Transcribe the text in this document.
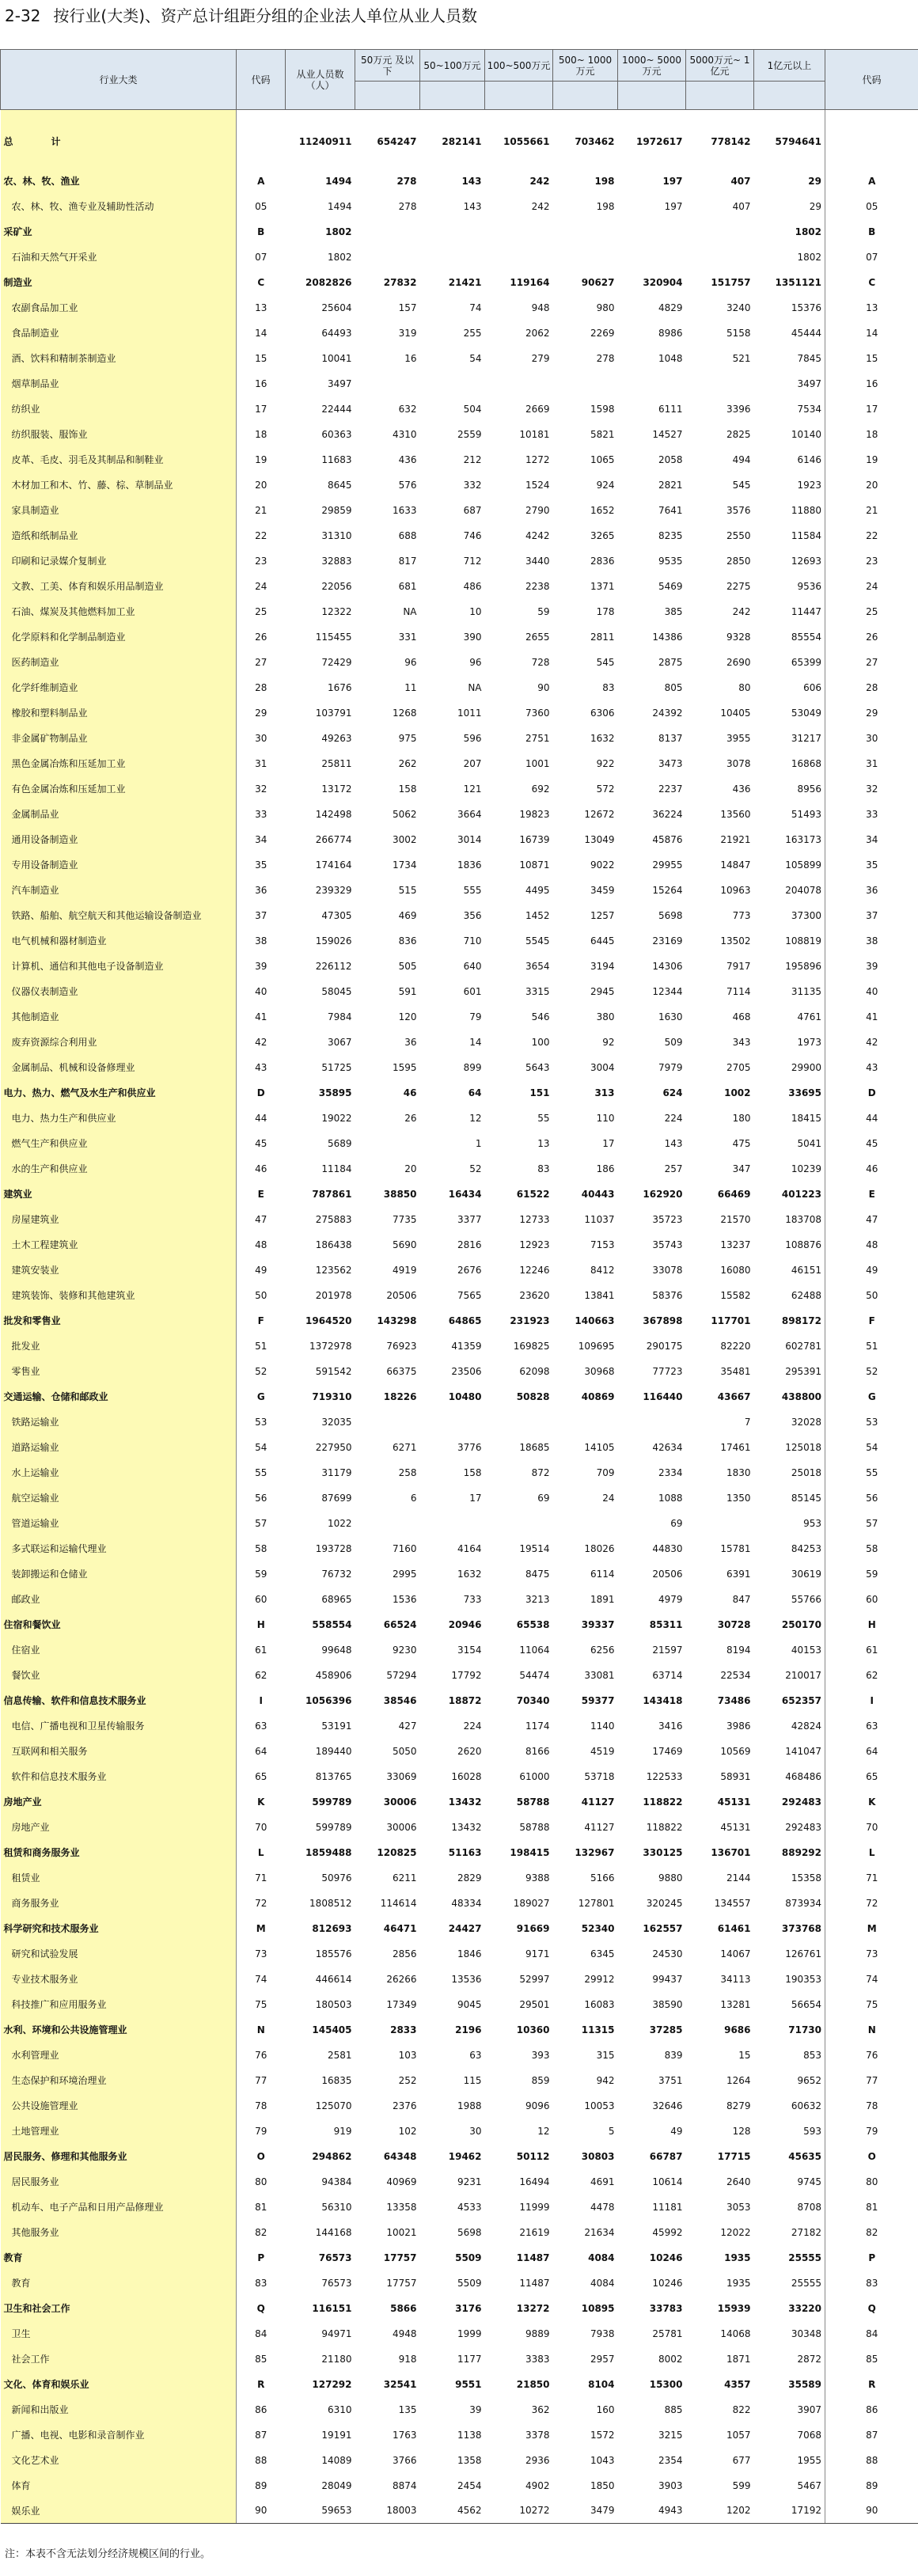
2-32 按行业(大类)、资产总计组距分组的企业法人单位从业人员数
行业大类	代码	从业人员数（人）	50万元 及以下	50~100万元	100~500万元	500~ 1000万元	1000~ 5000万元	5000万元~ 1亿元	1亿元以上	代码

总　计		11240911	654247	282141	1055661	703462	1972617	778142	5794641	
农、林、牧、渔业	A	1494	278	143	242	198	197	407	29	A
农、林、牧、渔专业及辅助性活动	05	1494	278	143	242	198	197	407	29	05
采矿业	B	1802							1802	B
石油和天然气开采业	07	1802							1802	07
制造业	C	2082826	27832	21421	119164	90627	320904	151757	1351121	C
农副食品加工业	13	25604	157	74	948	980	4829	3240	15376	13
食品制造业	14	64493	319	255	2062	2269	8986	5158	45444	14
酒、饮料和精制茶制造业	15	10041	16	54	279	278	1048	521	7845	15
烟草制品业	16	3497							3497	16
纺织业	17	22444	632	504	2669	1598	6111	3396	7534	17
纺织服装、服饰业	18	60363	4310	2559	10181	5821	14527	2825	10140	18
皮革、毛皮、羽毛及其制品和制鞋业	19	11683	436	212	1272	1065	2058	494	6146	19
木材加工和木、竹、藤、棕、草制品业	20	8645	576	332	1524	924	2821	545	1923	20
家具制造业	21	29859	1633	687	2790	1652	7641	3576	11880	21
造纸和纸制品业	22	31310	688	746	4242	3265	8235	2550	11584	22
印刷和记录媒介复制业	23	32883	817	712	3440	2836	9535	2850	12693	23
文教、工美、体育和娱乐用品制造业	24	22056	681	486	2238	1371	5469	2275	9536	24
石油、煤炭及其他燃料加工业	25	12322	NA	10	59	178	385	242	11447	25
化学原料和化学制品制造业	26	115455	331	390	2655	2811	14386	9328	85554	26
医药制造业	27	72429	96	96	728	545	2875	2690	65399	27
化学纤维制造业	28	1676	11	NA	90	83	805	80	606	28
橡胶和塑料制品业	29	103791	1268	1011	7360	6306	24392	10405	53049	29
非金属矿物制品业	30	49263	975	596	2751	1632	8137	3955	31217	30
黑色金属冶炼和压延加工业	31	25811	262	207	1001	922	3473	3078	16868	31
有色金属冶炼和压延加工业	32	13172	158	121	692	572	2237	436	8956	32
金属制品业	33	142498	5062	3664	19823	12672	36224	13560	51493	33
通用设备制造业	34	266774	3002	3014	16739	13049	45876	21921	163173	34
专用设备制造业	35	174164	1734	1836	10871	9022	29955	14847	105899	35
汽车制造业	36	239329	515	555	4495	3459	15264	10963	204078	36
铁路、船舶、航空航天和其他运输设备制造业	37	47305	469	356	1452	1257	5698	773	37300	37
电气机械和器材制造业	38	159026	836	710	5545	6445	23169	13502	108819	38
计算机、通信和其他电子设备制造业	39	226112	505	640	3654	3194	14306	7917	195896	39
仪器仪表制造业	40	58045	591	601	3315	2945	12344	7114	31135	40
其他制造业	41	7984	120	79	546	380	1630	468	4761	41
废弃资源综合利用业	42	3067	36	14	100	92	509	343	1973	42
金属制品、机械和设备修理业	43	51725	1595	899	5643	3004	7979	2705	29900	43
电力、热力、燃气及水生产和供应业	D	35895	46	64	151	313	624	1002	33695	D
电力、热力生产和供应业	44	19022	26	12	55	110	224	180	18415	44
燃气生产和供应业	45	5689		1	13	17	143	475	5041	45
水的生产和供应业	46	11184	20	52	83	186	257	347	10239	46
建筑业	E	787861	38850	16434	61522	40443	162920	66469	401223	E
房屋建筑业	47	275883	7735	3377	12733	11037	35723	21570	183708	47
土木工程建筑业	48	186438	5690	2816	12923	7153	35743	13237	108876	48
建筑安装业	49	123562	4919	2676	12246	8412	33078	16080	46151	49
建筑装饰、装修和其他建筑业	50	201978	20506	7565	23620	13841	58376	15582	62488	50
批发和零售业	F	1964520	143298	64865	231923	140663	367898	117701	898172	F
批发业	51	1372978	76923	41359	169825	109695	290175	82220	602781	51
零售业	52	591542	66375	23506	62098	30968	77723	35481	295391	52
交通运输、仓储和邮政业	G	719310	18226	10480	50828	40869	116440	43667	438800	G
铁路运输业	53	32035						7	32028	53
道路运输业	54	227950	6271	3776	18685	14105	42634	17461	125018	54
水上运输业	55	31179	258	158	872	709	2334	1830	25018	55
航空运输业	56	87699	6	17	69	24	1088	1350	85145	56
管道运输业	57	1022					69		953	57
多式联运和运输代理业	58	193728	7160	4164	19514	18026	44830	15781	84253	58
装卸搬运和仓储业	59	76732	2995	1632	8475	6114	20506	6391	30619	59
邮政业	60	68965	1536	733	3213	1891	4979	847	55766	60
住宿和餐饮业	H	558554	66524	20946	65538	39337	85311	30728	250170	H
住宿业	61	99648	9230	3154	11064	6256	21597	8194	40153	61
餐饮业	62	458906	57294	17792	54474	33081	63714	22534	210017	62
信息传输、软件和信息技术服务业	I	1056396	38546	18872	70340	59377	143418	73486	652357	I
电信、广播电视和卫星传输服务	63	53191	427	224	1174	1140	3416	3986	42824	63
互联网和相关服务	64	189440	5050	2620	8166	4519	17469	10569	141047	64
软件和信息技术服务业	65	813765	33069	16028	61000	53718	122533	58931	468486	65
房地产业	K	599789	30006	13432	58788	41127	118822	45131	292483	K
房地产业	70	599789	30006	13432	58788	41127	118822	45131	292483	70
租赁和商务服务业	L	1859488	120825	51163	198415	132967	330125	136701	889292	L
租赁业	71	50976	6211	2829	9388	5166	9880	2144	15358	71
商务服务业	72	1808512	114614	48334	189027	127801	320245	134557	873934	72
科学研究和技术服务业	M	812693	46471	24427	91669	52340	162557	61461	373768	M
研究和试验发展	73	185576	2856	1846	9171	6345	24530	14067	126761	73
专业技术服务业	74	446614	26266	13536	52997	29912	99437	34113	190353	74
科技推广和应用服务业	75	180503	17349	9045	29501	16083	38590	13281	56654	75
水利、环境和公共设施管理业	N	145405	2833	2196	10360	11315	37285	9686	71730	N
水利管理业	76	2581	103	63	393	315	839	15	853	76
生态保护和环境治理业	77	16835	252	115	859	942	3751	1264	9652	77
公共设施管理业	78	125070	2376	1988	9096	10053	32646	8279	60632	78
土地管理业	79	919	102	30	12	5	49	128	593	79
居民服务、修理和其他服务业	O	294862	64348	19462	50112	30803	66787	17715	45635	O
居民服务业	80	94384	40969	9231	16494	4691	10614	2640	9745	80
机动车、电子产品和日用产品修理业	81	56310	13358	4533	11999	4478	11181	3053	8708	81
其他服务业	82	144168	10021	5698	21619	21634	45992	12022	27182	82
教育	P	76573	17757	5509	11487	4084	10246	1935	25555	P
教育	83	76573	17757	5509	11487	4084	10246	1935	25555	83
卫生和社会工作	Q	116151	5866	3176	13272	10895	33783	15939	33220	Q
卫生	84	94971	4948	1999	9889	7938	25781	14068	30348	84
社会工作	85	21180	918	1177	3383	2957	8002	1871	2872	85
文化、体育和娱乐业	R	127292	32541	9551	21850	8104	15300	4357	35589	R
新闻和出版业	86	6310	135	39	362	160	885	822	3907	86
广播、电视、电影和录音制作业	87	19191	1763	1138	3378	1572	3215	1057	7068	87
文化艺术业	88	14089	3766	1358	2936	1043	2354	677	1955	88
体育	89	28049	8874	2454	4902	1850	3903	599	5467	89
娱乐业	90	59653	18003	4562	10272	3479	4943	1202	17192	90
注：本表不含无法划分经济规模区间的行业。
